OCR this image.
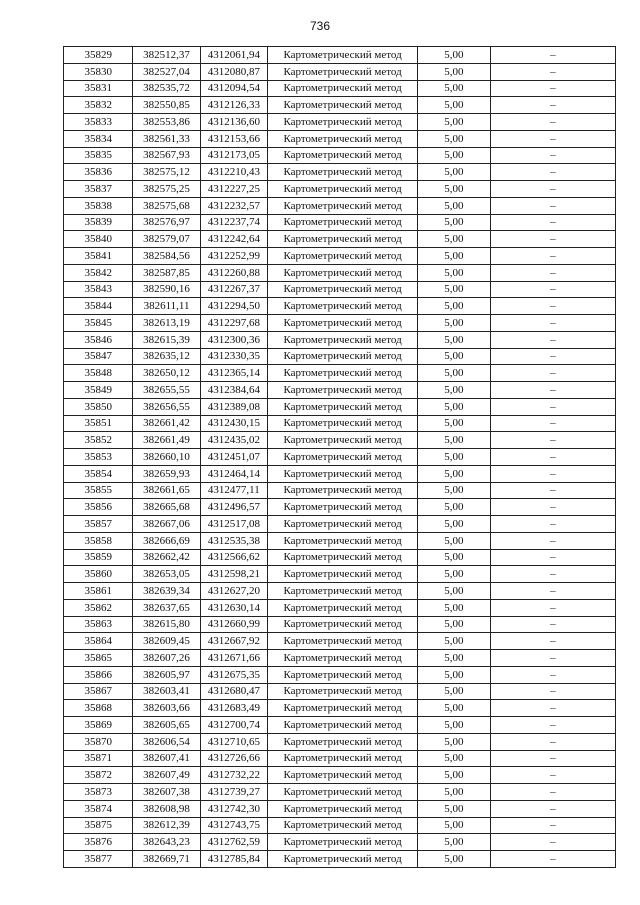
736
35829	382512,37	4312061,94	Картометрический метод	5,00	–
35830	382527,04	4312080,87	Картометрический метод	5,00	–
35831	382535,72	4312094,54	Картометрический метод	5,00	–
35832	382550,85	4312126,33	Картометрический метод	5,00	–
35833	382553,86	4312136,60	Картометрический метод	5,00	–
35834	382561,33	4312153,66	Картометрический метод	5,00	–
35835	382567,93	4312173,05	Картометрический метод	5,00	–
35836	382575,12	4312210,43	Картометрический метод	5,00	–
35837	382575,25	4312227,25	Картометрический метод	5,00	–
35838	382575,68	4312232,57	Картометрический метод	5,00	–
35839	382576,97	4312237,74	Картометрический метод	5,00	–
35840	382579,07	4312242,64	Картометрический метод	5,00	–
35841	382584,56	4312252,99	Картометрический метод	5,00	–
35842	382587,85	4312260,88	Картометрический метод	5,00	–
35843	382590,16	4312267,37	Картометрический метод	5,00	–
35844	382611,11	4312294,50	Картометрический метод	5,00	–
35845	382613,19	4312297,68	Картометрический метод	5,00	–
35846	382615,39	4312300,36	Картометрический метод	5,00	–
35847	382635,12	4312330,35	Картометрический метод	5,00	–
35848	382650,12	4312365,14	Картометрический метод	5,00	–
35849	382655,55	4312384,64	Картометрический метод	5,00	–
35850	382656,55	4312389,08	Картометрический метод	5,00	–
35851	382661,42	4312430,15	Картометрический метод	5,00	–
35852	382661,49	4312435,02	Картометрический метод	5,00	–
35853	382660,10	4312451,07	Картометрический метод	5,00	–
35854	382659,93	4312464,14	Картометрический метод	5,00	–
35855	382661,65	4312477,11	Картометрический метод	5,00	–
35856	382665,68	4312496,57	Картометрический метод	5,00	–
35857	382667,06	4312517,08	Картометрический метод	5,00	–
35858	382666,69	4312535,38	Картометрический метод	5,00	–
35859	382662,42	4312566,62	Картометрический метод	5,00	–
35860	382653,05	4312598,21	Картометрический метод	5,00	–
35861	382639,34	4312627,20	Картометрический метод	5,00	–
35862	382637,65	4312630,14	Картометрический метод	5,00	–
35863	382615,80	4312660,99	Картометрический метод	5,00	–
35864	382609,45	4312667,92	Картометрический метод	5,00	–
35865	382607,26	4312671,66	Картометрический метод	5,00	–
35866	382605,97	4312675,35	Картометрический метод	5,00	–
35867	382603,41	4312680,47	Картометрический метод	5,00	–
35868	382603,66	4312683,49	Картометрический метод	5,00	–
35869	382605,65	4312700,74	Картометрический метод	5,00	–
35870	382606,54	4312710,65	Картометрический метод	5,00	–
35871	382607,41	4312726,66	Картометрический метод	5,00	–
35872	382607,49	4312732,22	Картометрический метод	5,00	–
35873	382607,38	4312739,27	Картометрический метод	5,00	–
35874	382608,98	4312742,30	Картометрический метод	5,00	–
35875	382612,39	4312743,75	Картометрический метод	5,00	–
35876	382643,23	4312762,59	Картометрический метод	5,00	–
35877	382669,71	4312785,84	Картометрический метод	5,00	–
